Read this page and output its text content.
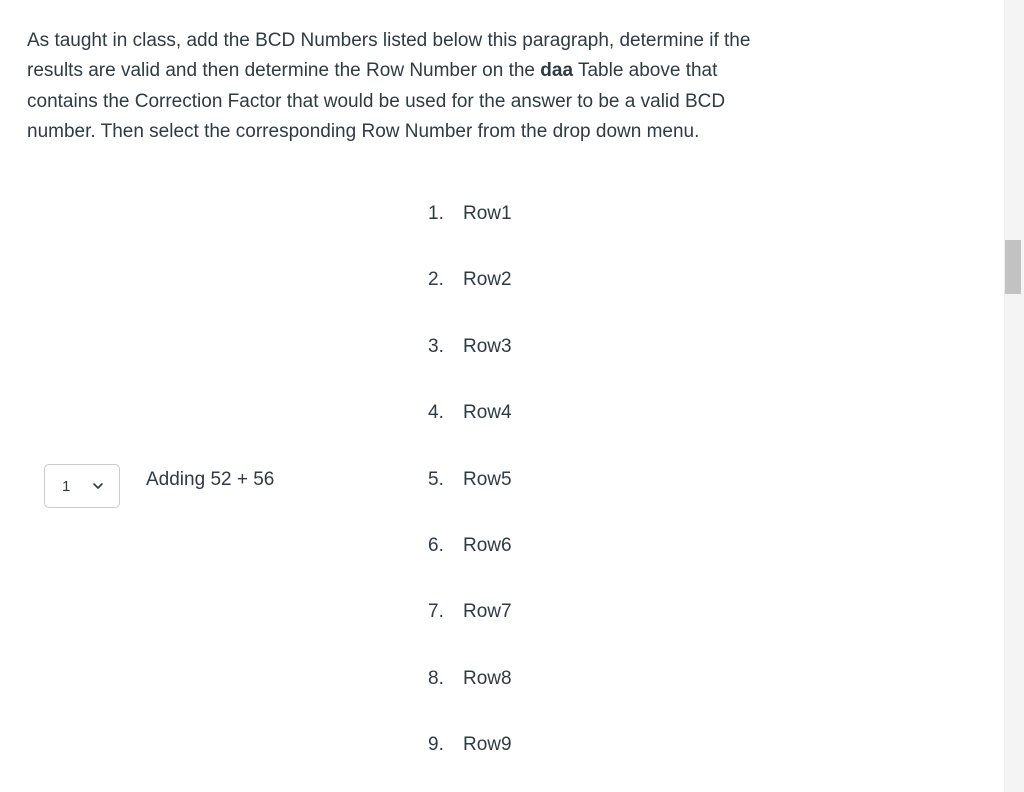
As taught in class, add the BCD Numbers listed below this paragraph, determine if the results are valid and then determine the Row Number on the daa Table above that contains the Correction Factor that would be used for the answer to be a valid BCD number. Then select the corresponding Row Number from the drop down menu.

1	Adding 52 + 56
1. Row1
2. Row2
3. Row3
4. Row4
5. Row5
6. Row6
7. Row7
8. Row8
9. Row9
